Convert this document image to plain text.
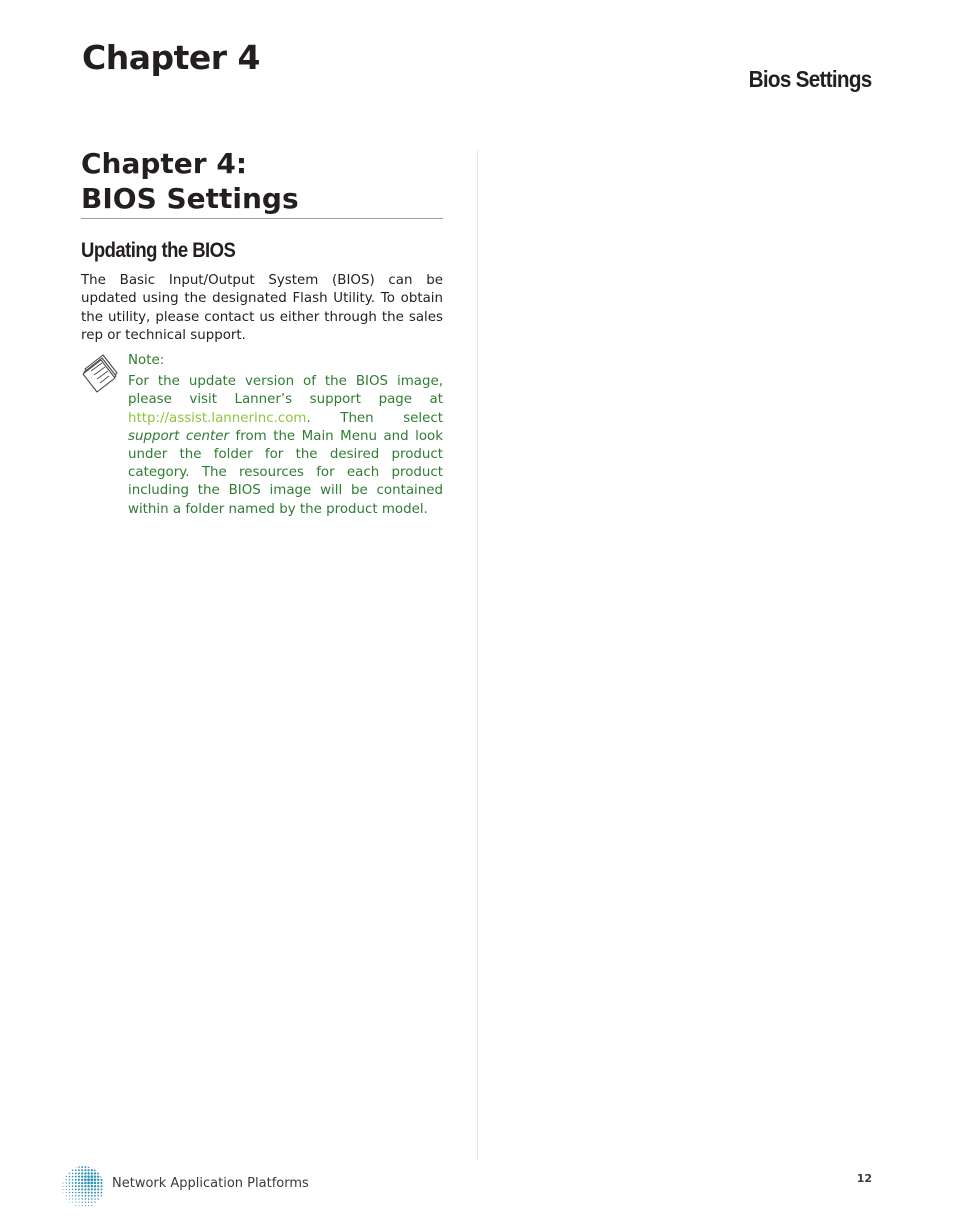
Chapter 4
Bios Settings
Chapter 4:
BIOS Settings
Updating the BIOS

The Basic Input/Output System (BIOS) can be updated using the designated Flash Utility. To obtain the utility, please contact us either through the sales rep or technical support.

Note:

For the update version of the BIOS image, please visit Lanner’s support page at http://assist.lannerinc.com. Then select support center from the Main Menu and look under the folder for the desired product category. The resources for each product including the BIOS image will be contained within a folder named by the product model.

Network Application Platforms	12
